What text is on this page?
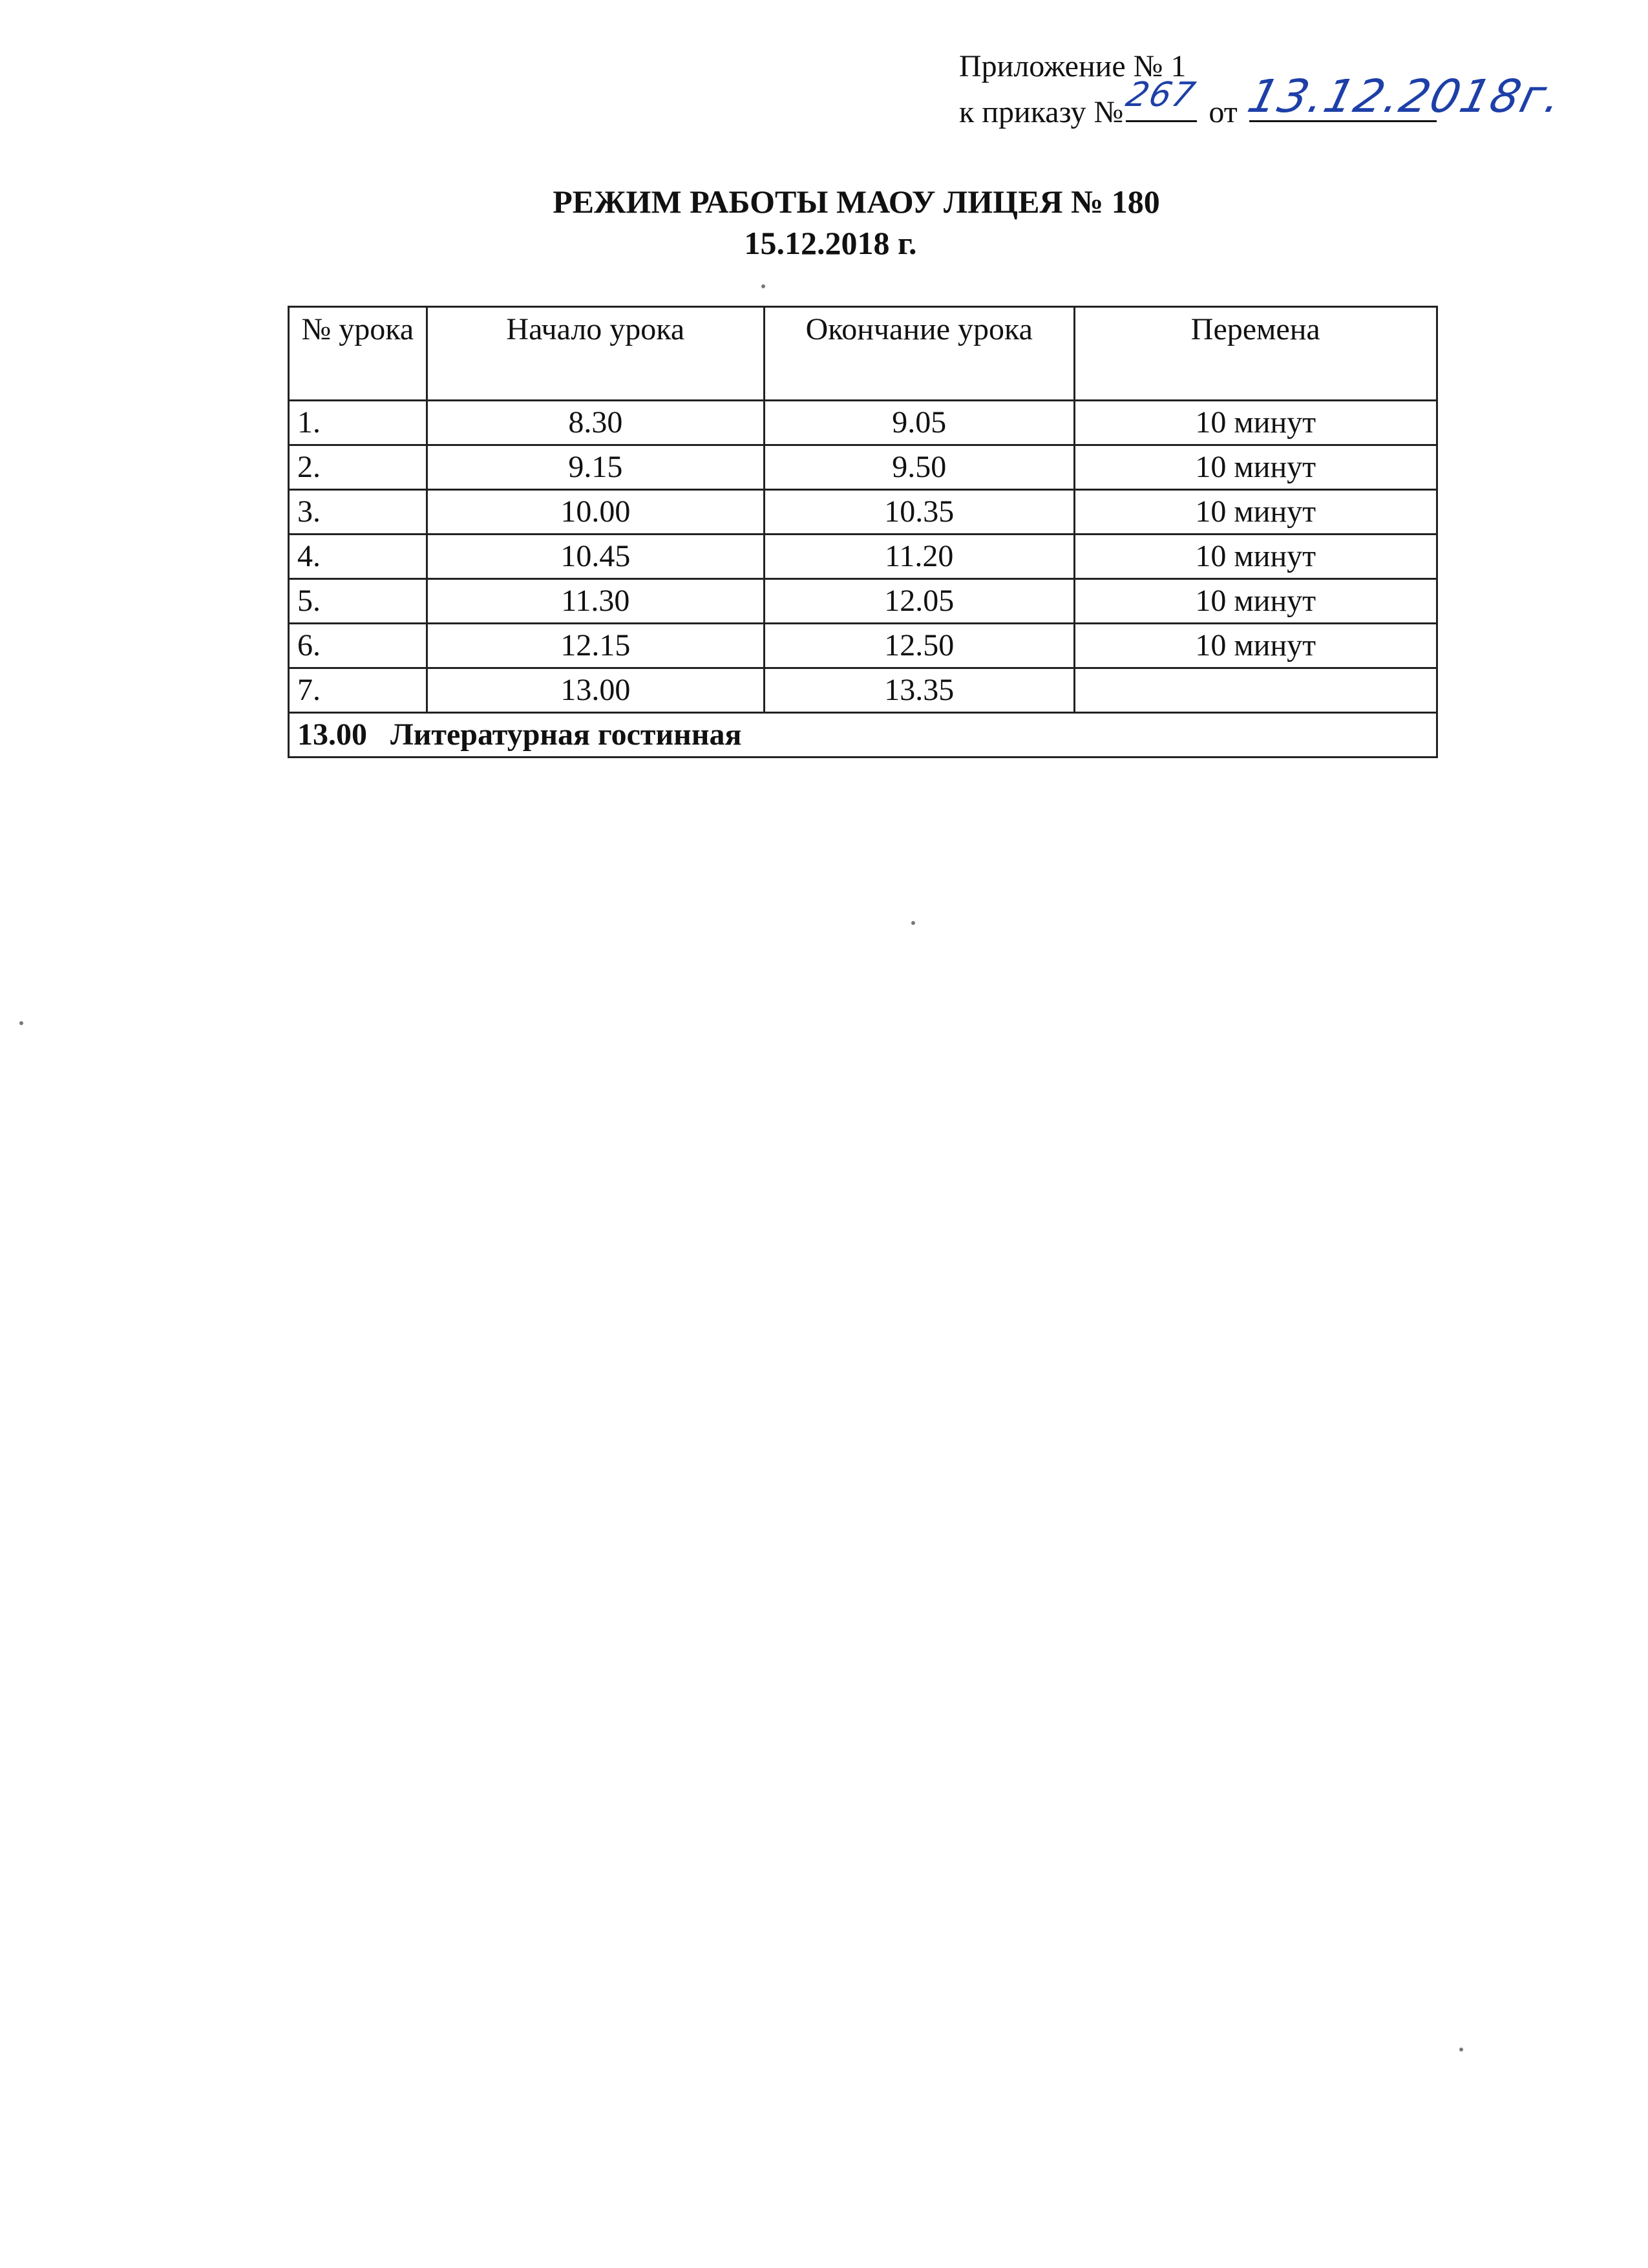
Приложение № 1
к приказу №
267 от 13.12.2018г.
РЕЖИМ РАБОТЫ МАОУ ЛИЦЕЯ № 180
15.12.2018 г.
№ урока	Начало урока	Окончание урока	Перемена
1.	8.30	9.05	10 минут
2.	9.15	9.50	10 минут
3.	10.00	10.35	10 минут
4.	10.45	11.20	10 минут
5.	11.30	12.05	10 минут
6.	12.15	12.50	10 минут
7.	13.00	13.35	
13.00   Литературная гостинная			
